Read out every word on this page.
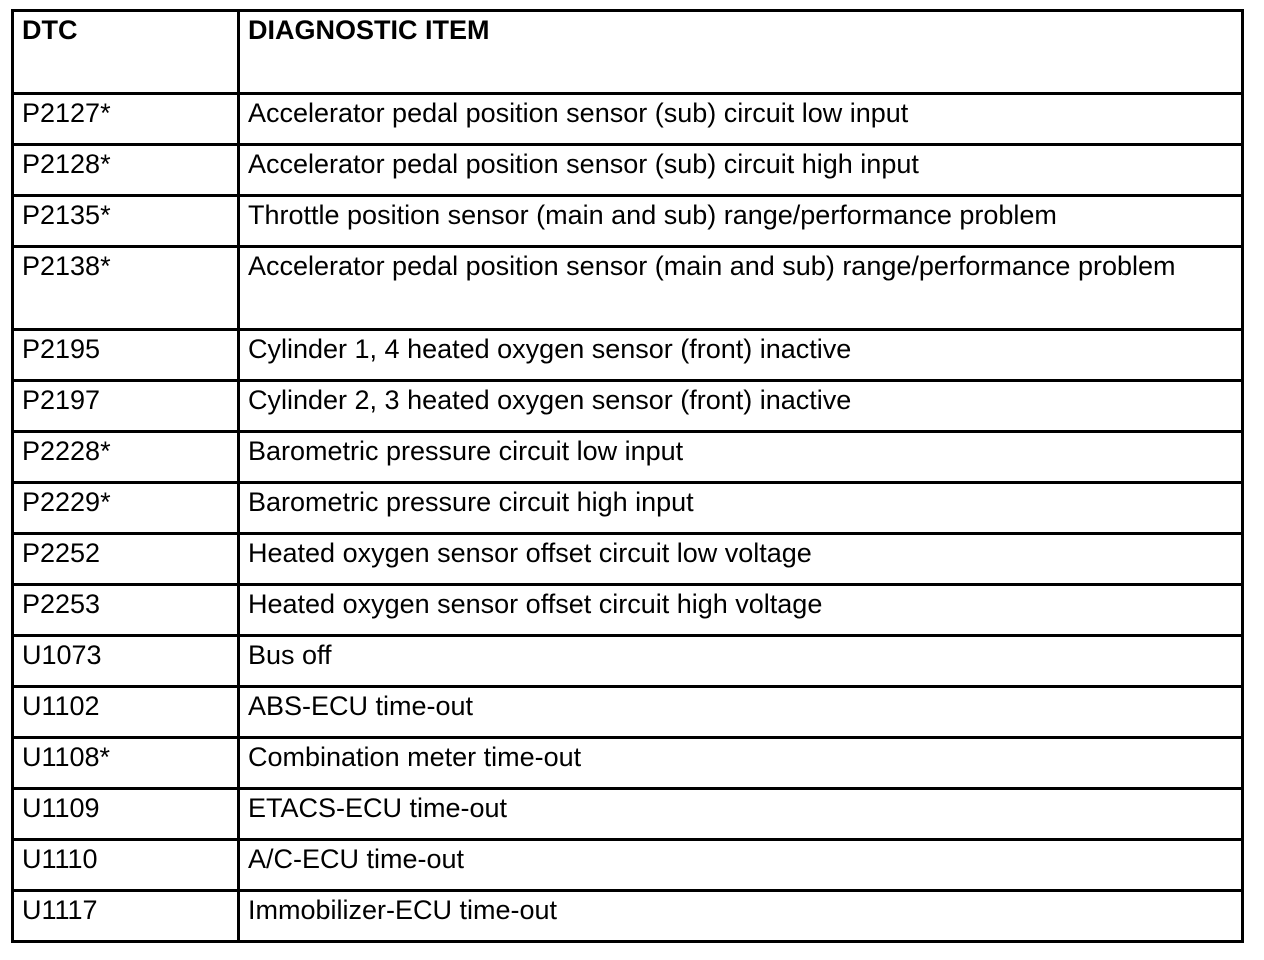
DTC	DIAGNOSTIC ITEM
P2127*	Accelerator pedal position sensor (sub) circuit low input
P2128*	Accelerator pedal position sensor (sub) circuit high input
P2135*	Throttle position sensor (main and sub) range/performance problem
P2138*	Accelerator pedal position sensor (main and sub) range/performance problem
P2195	Cylinder 1, 4 heated oxygen sensor (front) inactive
P2197	Cylinder 2, 3 heated oxygen sensor (front) inactive
P2228*	Barometric pressure circuit low input
P2229*	Barometric pressure circuit high input
P2252	Heated oxygen sensor offset circuit low voltage
P2253	Heated oxygen sensor offset circuit high voltage
U1073	Bus off
U1102	ABS-ECU time-out
U1108*	Combination meter time-out
U1109	ETACS-ECU time-out
U1110	A/C-ECU time-out
U1117	Immobilizer-ECU time-out
